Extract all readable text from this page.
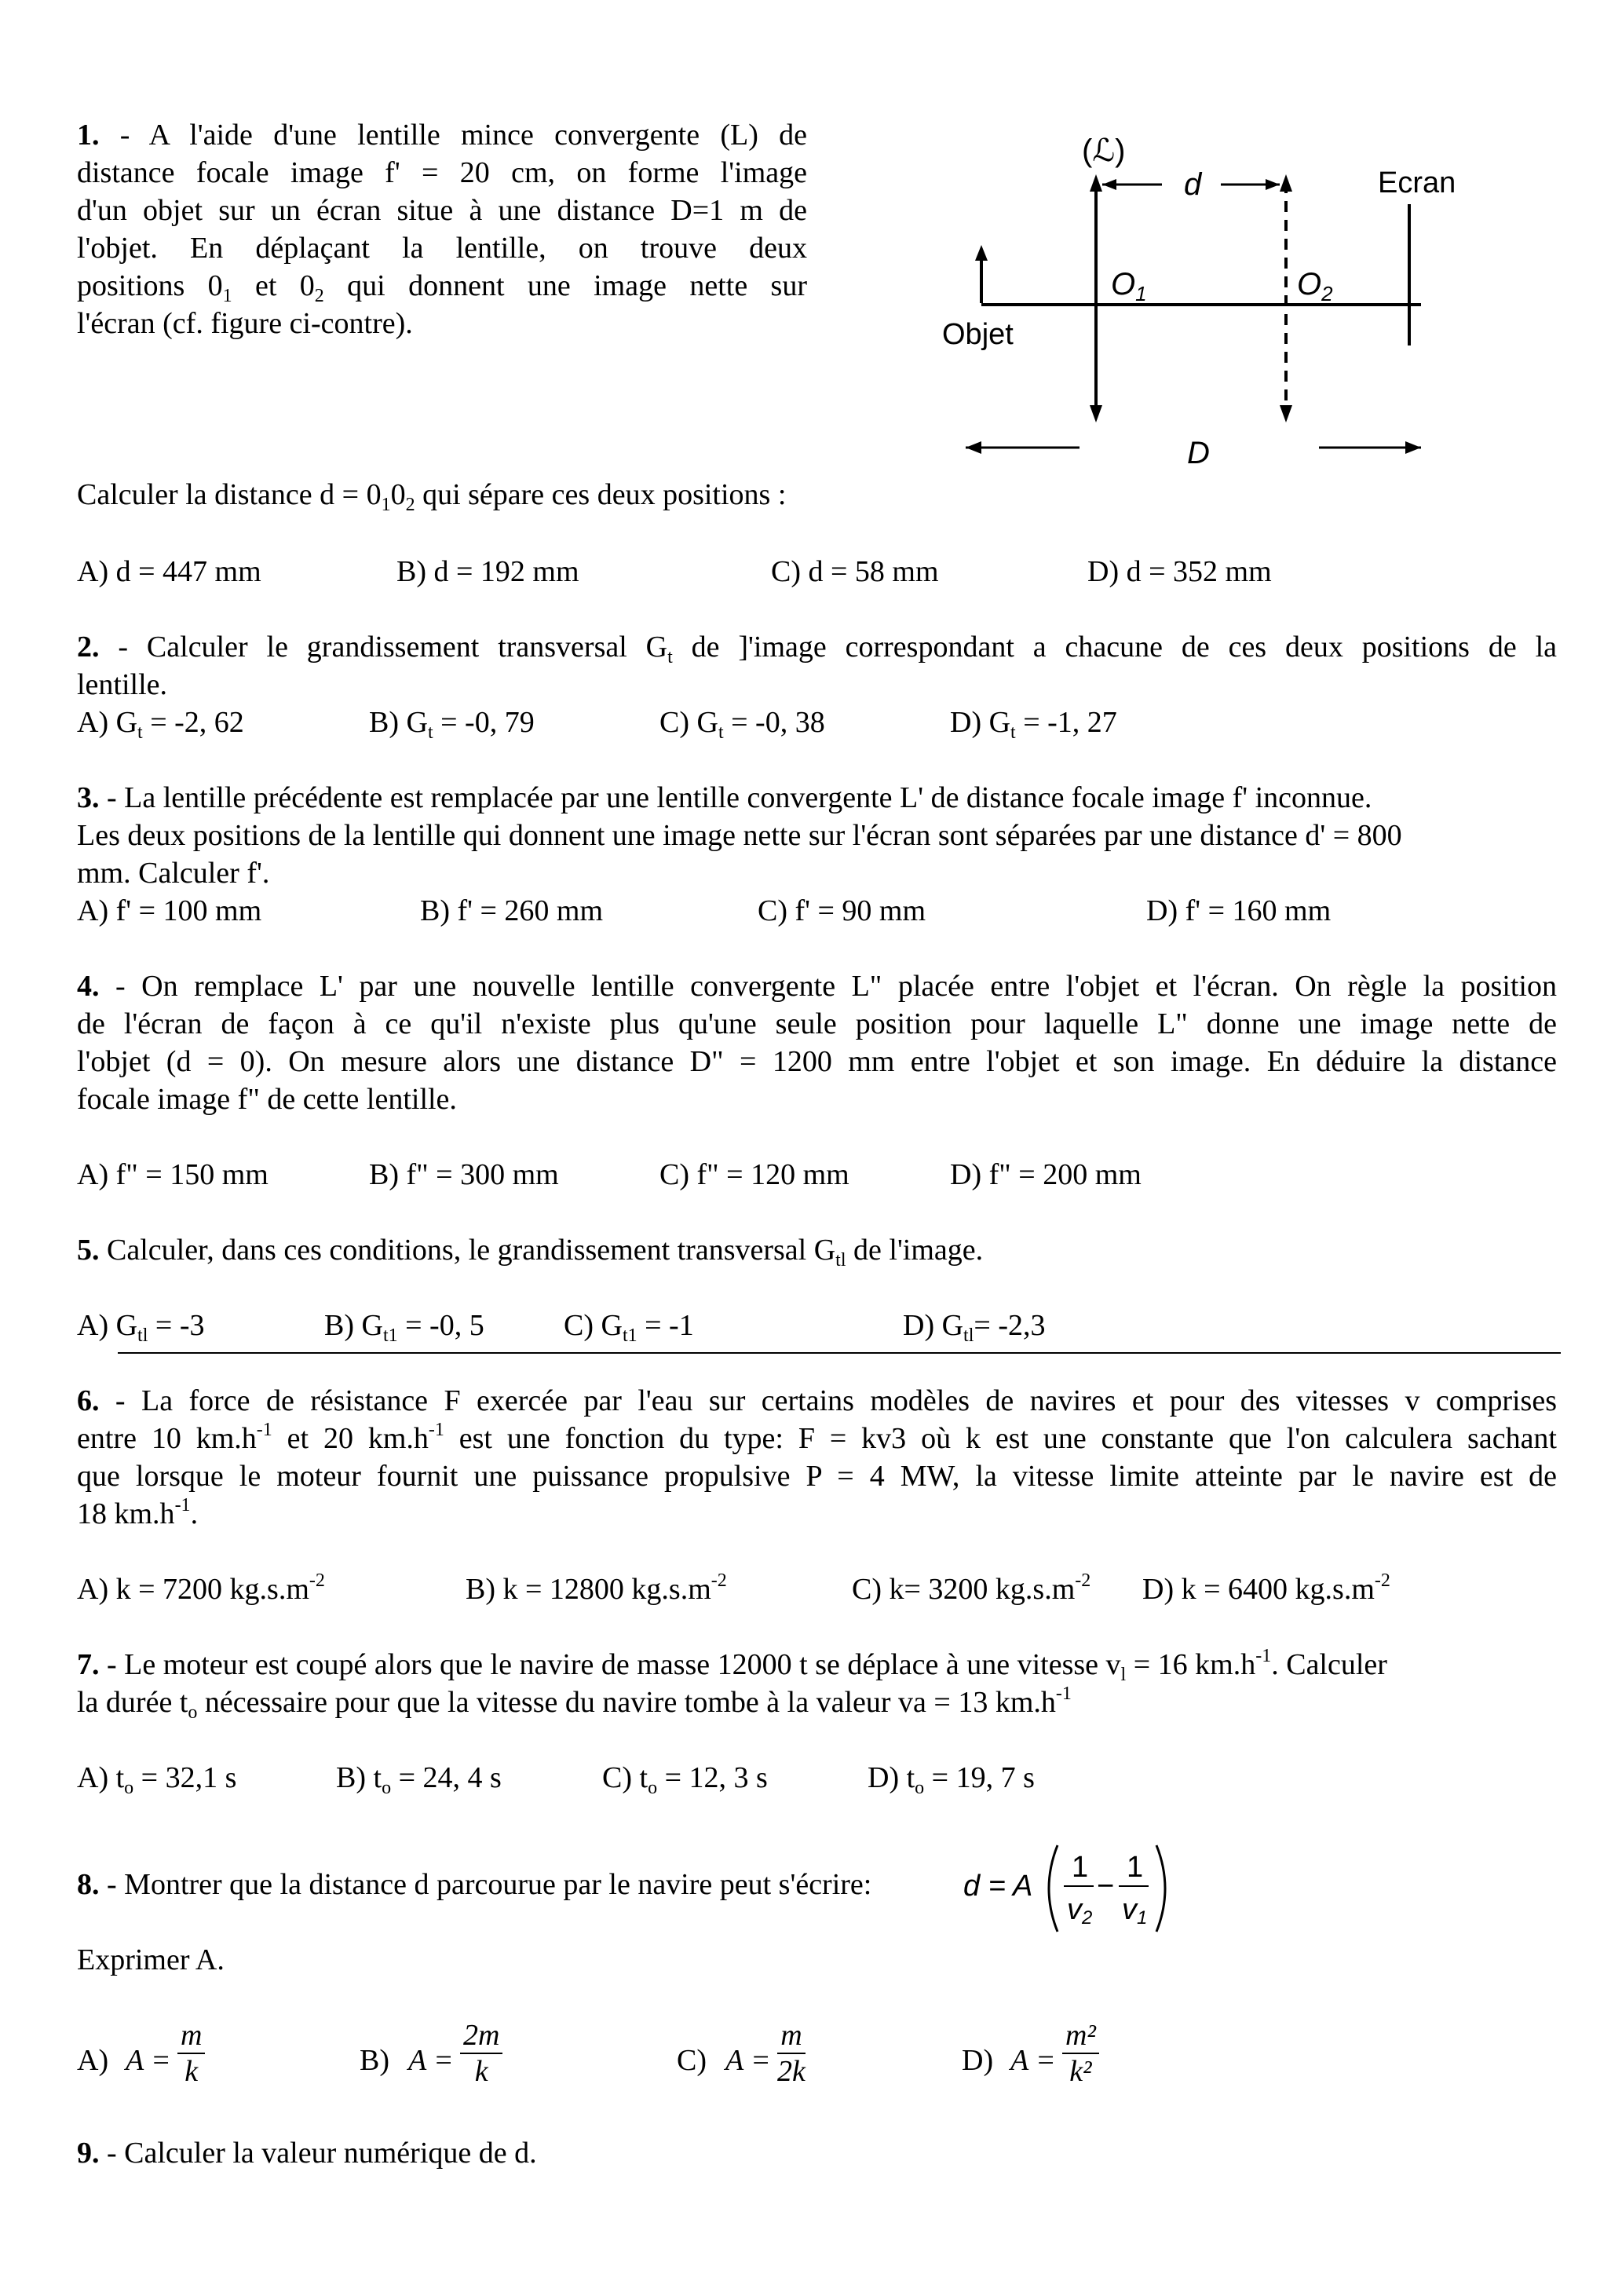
1. - A l'aide d'une lentille mince convergente (L) de
distance focale image f' = 20 cm, on forme l'image
d'un objet sur un écran situe à une distance D=1 m de
l'objet. En déplaçant la lentille, on trouve deux
positions $0_1$ et $0_2$ qui donnent une image nette sur
l'écran (cf. figure ci-contre).
(ℒ)
d	Ecran
Objet
$O_1$	$O_2$
D
Calculer la distance $d = 0_10_2$ qui sépare ces deux positions :
A) d = 447 mm	B) d = 192 mm	C) d = 58 mm	D) d = 352 mm
2. - Calculer le grandissement transversal $G_t$ de ]'image correspondant a chacune de ces deux positions de la
lentille.
A) $G_t = -2$, 62	B) $G_t = -0$, 79	C) $G_t = -0$, 38	D) $G_t = -1$, 27
3. - La lentille précédente est remplacée par une lentille convergente L' de distance focale image f' inconnue.
Les deux positions de la lentille qui donnent une image nette sur l'écran sont séparées par une distance d' = 800
mm. Calculer f'.
A) f' = 100 mm	B) f' = 260 mm	C) f' = 90 mm	D) f' = 160 mm
4. - On remplace L' par une nouvelle lentille convergente L" placée entre l'objet et l'écran. On règle la position
de l'écran de façon à ce qu'il n'existe plus qu'une seule position pour laquelle L" donne une image nette de
l'objet (d = 0). On mesure alors une distance D" = 1200 mm entre l'objet et son image. En déduire la distance
focale image f" de cette lentille.
A) f" = 150 mm	B) f" = 300 mm	C) f" = 120 mm	D) f" = 200 mm
5. Calculer, dans ces conditions, le grandissement transversal $G_{tl}$ de l'image.
A) $G_{tl} = -3$	B) $G_{t1} = -0$, 5	C) $G_{t1} = -1$	D) $G_{tl}= -2,3$
6. - La force de résistance F exercée par l'eau sur certains modèles de navires et pour des vitesses v comprises
entre 10 $km.h^{-1}$ et 20 $km.h^{-1}$ est une fonction du type: F = kv3 où k est une constante que l'on calculera sachant
que lorsque le moteur fournit une puissance propulsive P = 4 MW, la vitesse limite atteinte par le navire est de
18 $km.h^{-1}$.
A) k = 7200 $kg.s.m^{-2}$	B) k = 12800 $kg.s.m^{-2}$	C) k= 3200 $kg.s.m^{-2}$ D) k = 6400 $kg.s.m^{-2}$
7. - Le moteur est coupé alors que le navire de masse 12000 t se déplace à une vitesse $v_l = 16$ $km.h^{-1}$. Calculer
la durée $t_o$ nécessaire pour que la vitesse du navire tombe à la valeur va = 13 $km.h^{-1}$
A) $t_o = 32,1$ s	B) $t_o = 24$, 4 s	C) $t_o = 12$, 3 s	D) $t_o = 19$, 7 s
8. - Montrer que la distance d parcourue par le navire peut s'écrire:	d = A
1
v2
−
1
v1
Exprimer A.
A) $A = \frac{m}{k}$	B) $A = \frac{2m}{k}$	C) $A = \frac{m}{2k}$	D) $A = \frac{\text{m²}}{\text{k²}}$
9. - Calculer la valeur numérique de d.
